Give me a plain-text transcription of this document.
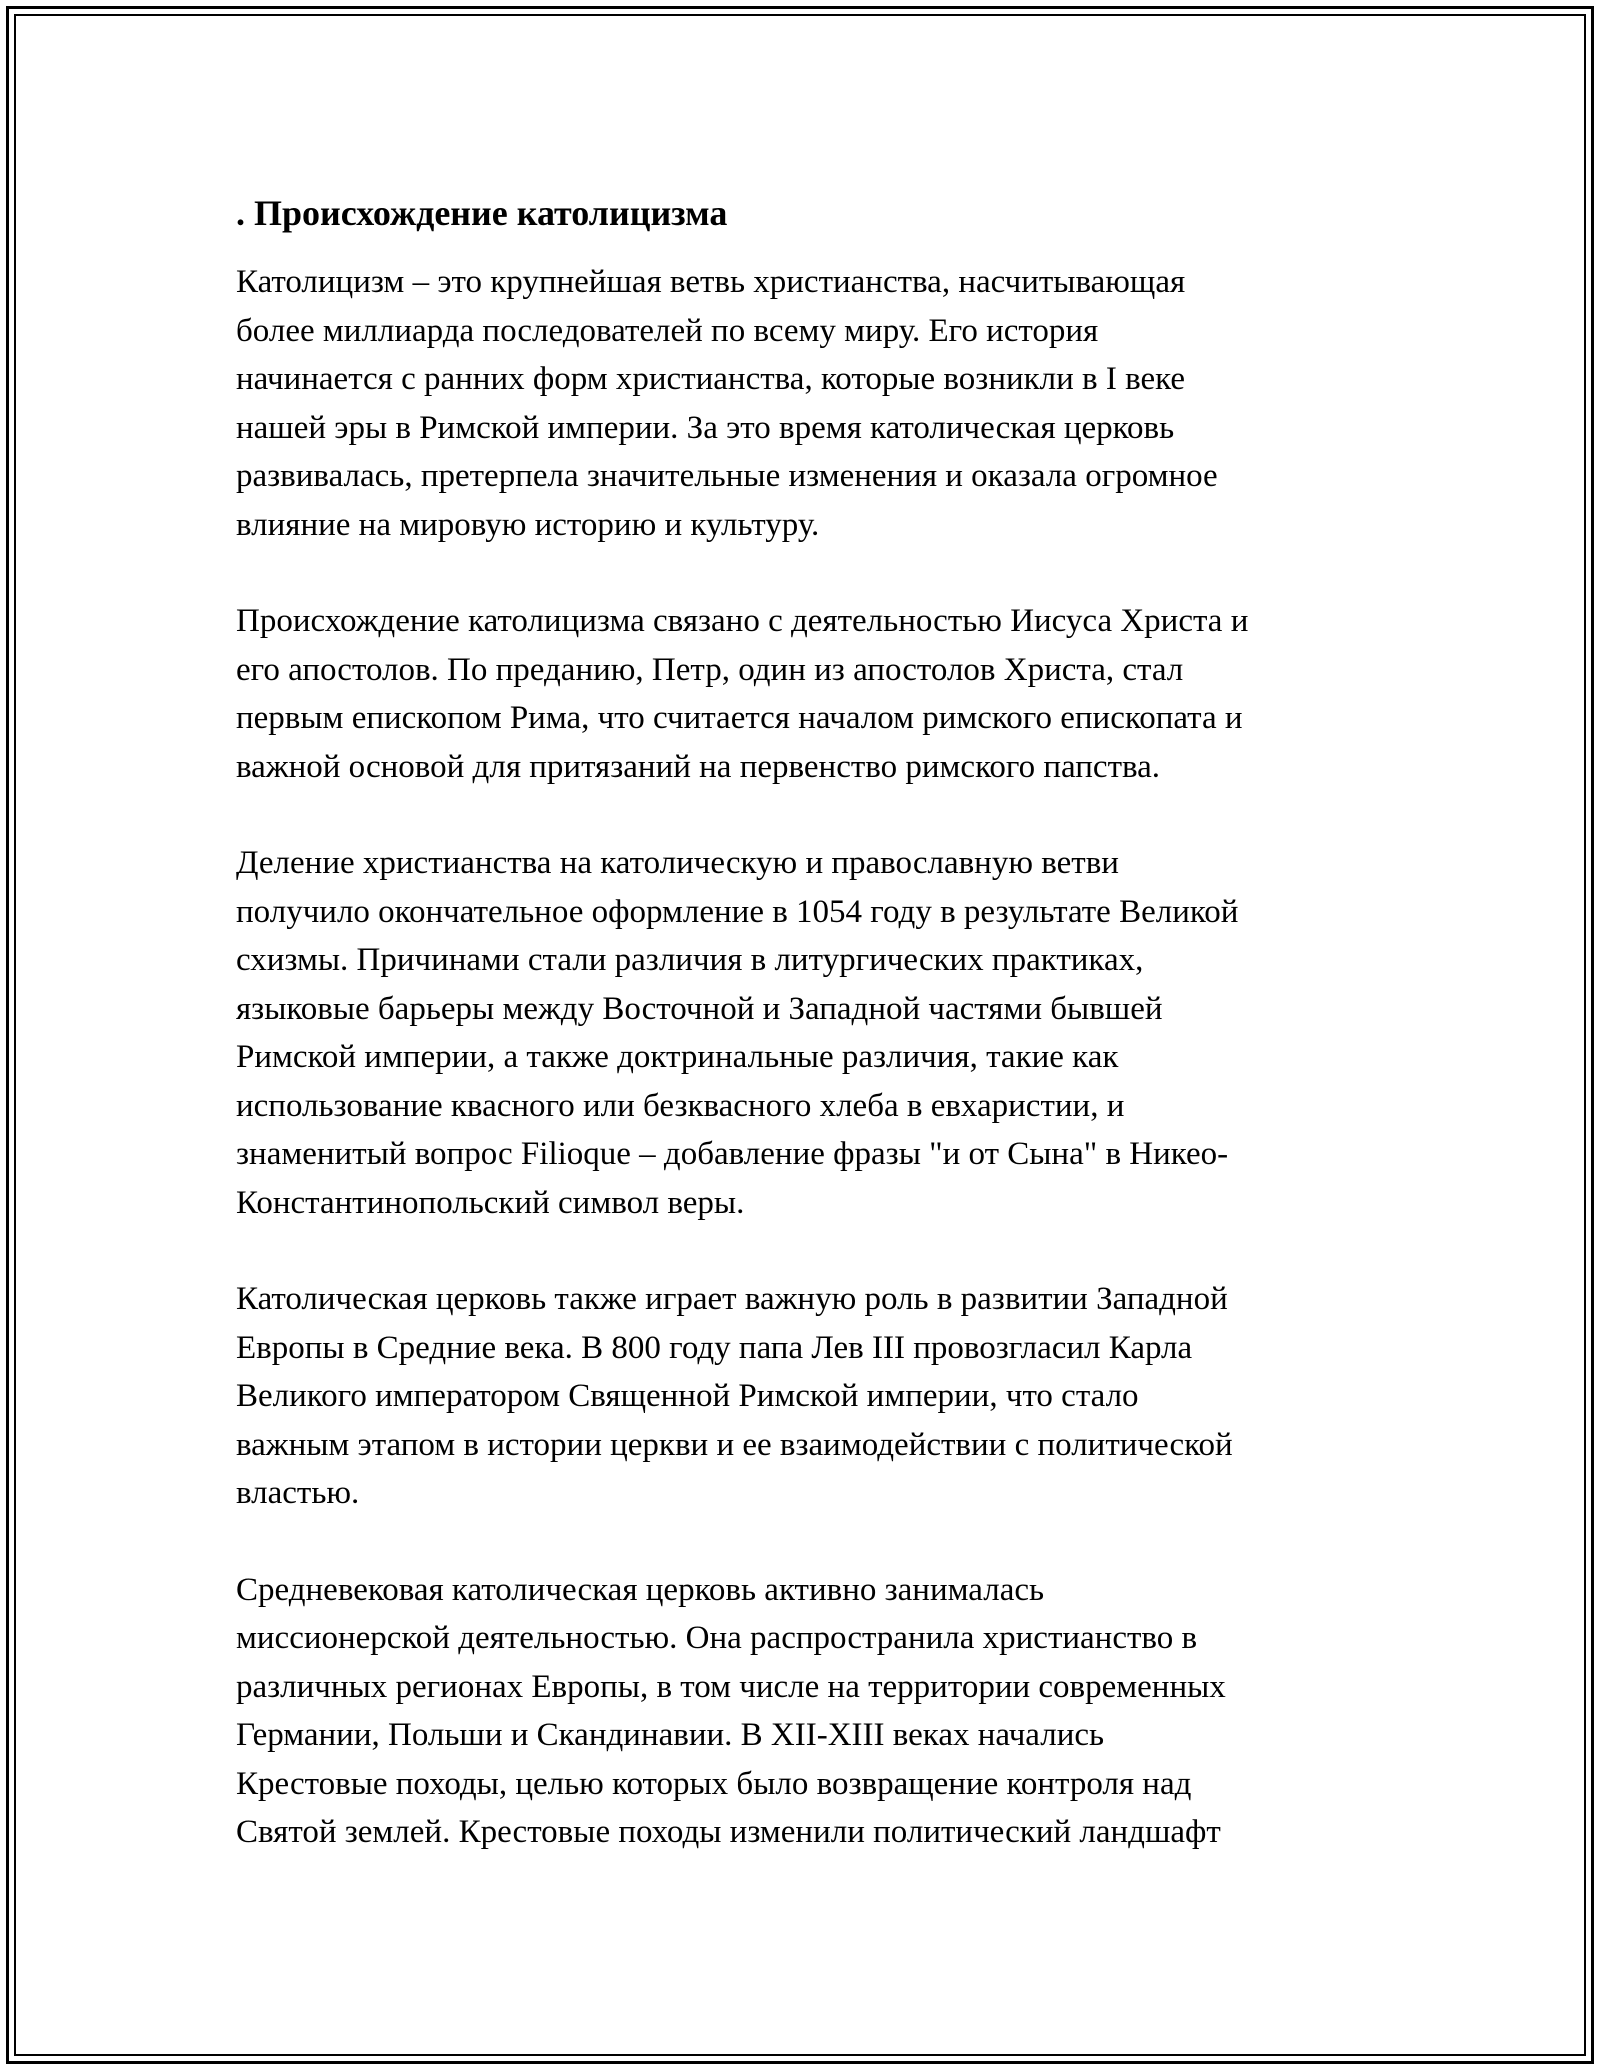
. Происхождение католицизма

Католицизм – это крупнейшая ветвь христианства, насчитывающая
более миллиарда последователей по всему миру. Его история
начинается с ранних форм христианства, которые возникли в I веке
нашей эры в Римской империи. За это время католическая церковь
развивалась, претерпела значительные изменения и оказала огромное
влияние на мировую историю и культуру.

Происхождение католицизма связано с деятельностью Иисуса Христа и
его апостолов. По преданию, Петр, один из апостолов Христа, стал
первым епископом Рима, что считается началом римского епископата и
важной основой для притязаний на первенство римского папства.

Деление христианства на католическую и православную ветви
получило окончательное оформление в 1054 году в результате Великой
схизмы. Причинами стали различия в литургических практиках,
языковые барьеры между Восточной и Западной частями бывшей
Римской империи, а также доктринальные различия, такие как
использование квасного или безквасного хлеба в евхаристии, и
знаменитый вопрос Filioque – добавление фразы "и от Сына" в Никео-
Константинопольский символ веры.

Католическая церковь также играет важную роль в развитии Западной
Европы в Средние века. В 800 году папа Лев III провозгласил Карла
Великого императором Священной Римской империи, что стало
важным этапом в истории церкви и ее взаимодействии с политической
властью.

Средневековая католическая церковь активно занималась
миссионерской деятельностью. Она распространила христианство в
различных регионах Европы, в том числе на территории современных
Германии, Польши и Скандинавии. В XII-XIII веках начались
Крестовые походы, целью которых было возвращение контроля над
Святой землей. Крестовые походы изменили политический ландшафт
